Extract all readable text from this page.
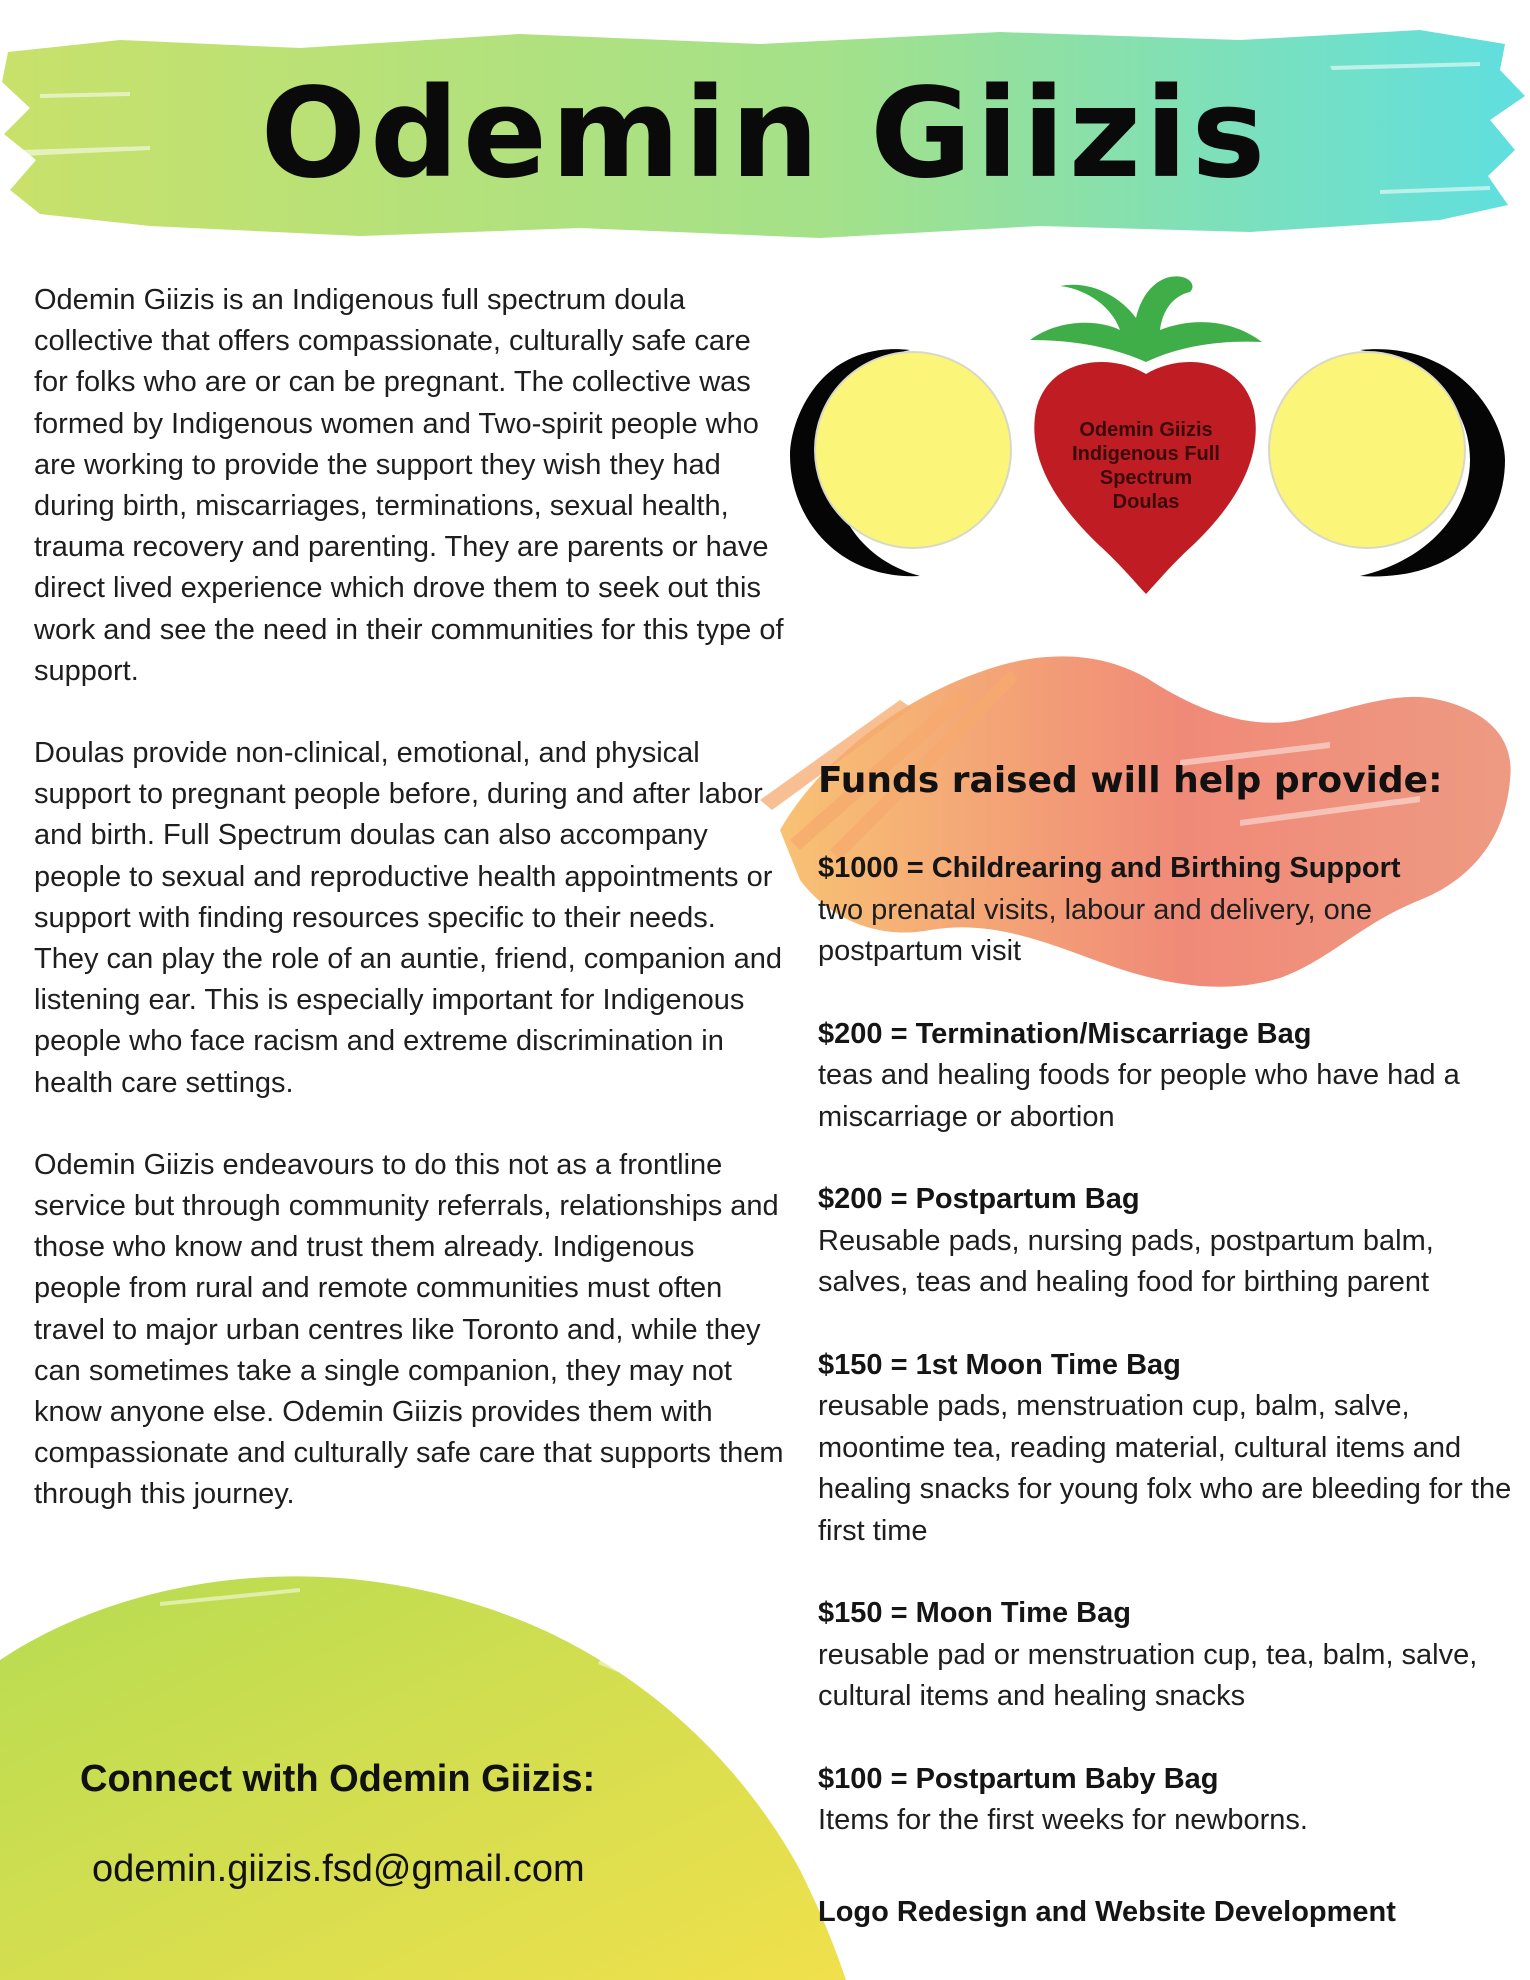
Odemin Giizis

Odemin Giizis is an Indigenous full spectrum doula collective that offers compassionate, culturally safe care for folks who are or can be pregnant. The collective was formed by Indigenous women and Two-spirit people who are working to provide the support they wish they had during birth, miscarriages, terminations, sexual health, trauma recovery and parenting. They are parents or have direct lived experience which drove them to seek out this work and see the need in their communities for this type of support.

Doulas provide non-clinical, emotional, and physical support to pregnant people before, during and after labor and birth. Full Spectrum doulas can also accompany people to sexual and reproductive health appointments or support with finding resources specific to their needs. They can play the role of an auntie, friend, companion and listening ear. This is especially important for Indigenous people who face racism and extreme discrimination in health care settings.

Odemin Giizis endeavours to do this not as a frontline service but through community referrals, relationships and those who know and trust them already. Indigenous people from rural and remote communities must often travel to major urban centres like Toronto and, while they can sometimes take a single companion, they may not know anyone else. Odemin Giizis provides them with compassionate and culturally safe care that supports them through this journey.

Odemin Giizis
Indigenous Full
Spectrum
Doulas
Funds raised will help provide:
$1000 = Childrearing and Birthing Support
two prenatal visits, labour and delivery, one postpartum visit
$200 = Termination/Miscarriage Bag
teas and healing foods for people who have had a miscarriage or abortion
$200 = Postpartum Bag
Reusable pads, nursing pads, postpartum balm, salves, teas and healing food for birthing parent
$150 = 1st Moon Time Bag
reusable pads, menstruation cup, balm, salve, moontime tea, reading material, cultural items and healing snacks for young folx who are bleeding for the first time
$150 = Moon Time Bag
reusable pad or menstruation cup, tea, balm, salve, cultural items and healing snacks
$100 = Postpartum Baby Bag
Items for the first weeks for newborns.
Logo Redesign and Website Development
Connect with Odemin Giizis:
odemin.giizis.fsd@gmail.com
